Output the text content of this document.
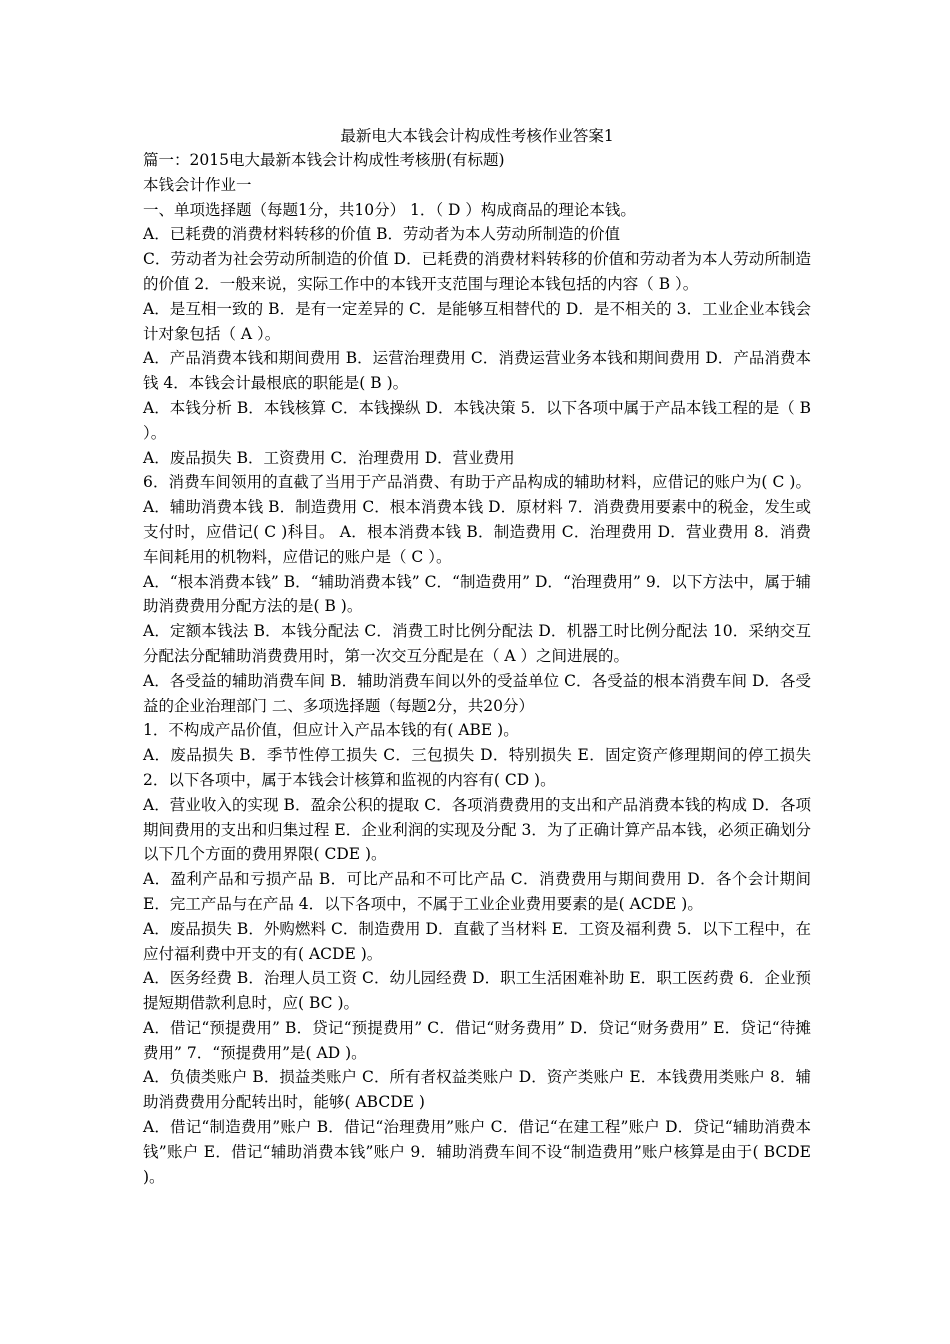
最新电大本钱会计构成性考核作业答案1

篇一：2015电大最新本钱会计构成性考核册(有标题)

本钱会计作业一

一、单项选择题（每题1分，共10分） 1．（ D ）构成商品的理论本钱。

A．已耗费的消费材料转移的价值 B．劳动者为本人劳动所制造的价值

C．劳动者为社会劳动所制造的价值 D．已耗费的消费材料转移的价值和劳动者为本人劳动所制造的价值 2．一般来说，实际工作中的本钱开支范围与理论本钱包括的内容（ B ）。

A．是互相一致的 B．是有一定差异的 C．是能够互相替代的 D．是不相关的 3．工业企业本钱会计对象包括（ A ）。

A．产品消费本钱和期间费用 B．运营治理费用 C．消费运营业务本钱和期间费用 D．产品消费本钱 4．本钱会计最根底的职能是( B )。

A．本钱分析 B．本钱核算 C．本钱操纵 D．本钱决策 5．以下各项中属于产品本钱工程的是（ B ）。

A．废品损失 B．工资费用 C．治理费用 D．营业费用

6．消费车间领用的直截了当用于产品消费、有助于产品构成的辅助材料，应借记的账户为( C )。 A．辅助消费本钱 B．制造费用 C．根本消费本钱 D．原材料 7．消费费用要素中的税金，发生或支付时，应借记( C )科目。 A．根本消费本钱 B．制造费用 C．治理费用 D．营业费用 8．消费车间耗用的机物料，应借记的账户是（ C ）。

A．“根本消费本钱” B．“辅助消费本钱” C．“制造费用” D．“治理费用” 9．以下方法中，属于辅助消费费用分配方法的是( B )。

A．定额本钱法 B．本钱分配法 C．消费工时比例分配法 D．机器工时比例分配法 10．采纳交互分配法分配辅助消费费用时，第一次交互分配是在（ A ）之间进展的。

A．各受益的辅助消费车间 B．辅助消费车间以外的受益单位 C．各受益的根本消费车间 D．各受益的企业治理部门 二、多项选择题（每题2分，共20分）

1．不构成产品价值，但应计入产品本钱的有( ABE )。

A．废品损失 B．季节性停工损失 C．三包损失 D．特别损失 E．固定资产修理期间的停工损失 2．以下各项中，属于本钱会计核算和监视的内容有( CD )。

A．营业收入的实现 B．盈余公积的提取 C．各项消费费用的支出和产品消费本钱的构成 D．各项期间费用的支出和归集过程 E．企业利润的实现及分配 3．为了正确计算产品本钱，必须正确划分以下几个方面的费用界限( CDE )。

A．盈利产品和亏损产品 B．可比产品和不可比产品 C．消费费用与期间费用 D．各个会计期间 E．完工产品与在产品 4．以下各项中，不属于工业企业费用要素的是( ACDE )。

A．废品损失 B．外购燃料 C．制造费用 D．直截了当材料 E．工资及福利费 5．以下工程中，在应付福利费中开支的有( ACDE )。

A．医务经费 B．治理人员工资 C．幼儿园经费 D．职工生活困难补助 E．职工医药费 6．企业预提短期借款利息时，应( BC )。

A．借记“预提费用” B．贷记“预提费用” C．借记“财务费用” D．贷记“财务费用” E．贷记“待摊费用” 7．“预提费用”是( AD )。

A．负债类账户 B．损益类账户 C．所有者权益类账户 D．资产类账户 E．本钱费用类账户 8．辅助消费费用分配转出时，能够( ABCDE )

A．借记“制造费用”账户 B．借记“治理费用”账户 C．借记“在建工程”账户 D．贷记“辅助消费本钱”账户 E．借记“辅助消费本钱”账户 9．辅助消费车间不设“制造费用”账户核算是由于( BCDE )。
